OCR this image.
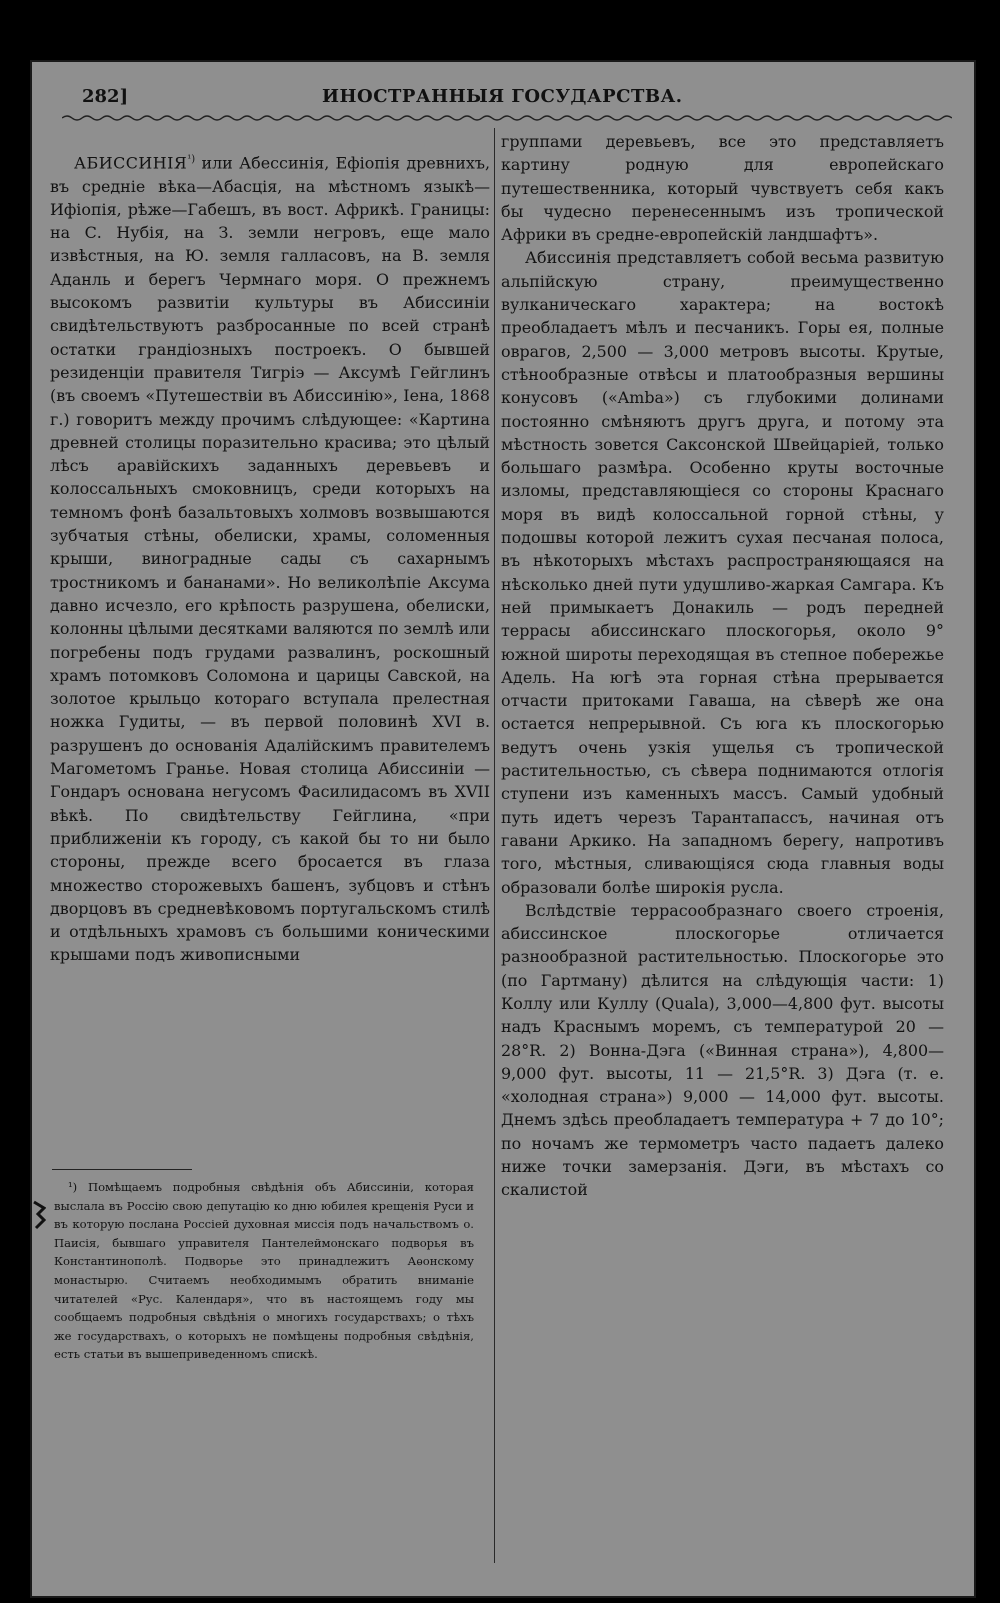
282]	ИНОСТРАННЫЯ ГОСУДАРСТВА.

$АБИССИНІЯ^{^1)}$ или Абессинія, Ефіопія древнихъ, въ средніе вѣка—Абасція, на мѣстномъ языкѣ—Ифіопія, рѣже—Габешъ, въ вост. Африкѣ. Границы: на С. Нубія, на З. земли негровъ, еще мало извѣстныя, на Ю. земля галласовъ, на В. земля Аданль и берегъ Чермнаго моря. О прежнемъ высокомъ развитіи культуры въ Абиссиніи свидѣтельствуютъ разбросанные по всей странѣ остатки грандіозныхъ построекъ. О бывшей резиденціи правителя Тигріэ — Аксумѣ Гейглинъ (въ своемъ «Путешествіи въ Абиссинію», Іена, 1868 г.) говоритъ между прочимъ слѣдующее: «Картина древней столицы поразительно красива; это цѣлый лѣсъ аравійскихъ заданныхъ деревьевъ и колоссальныхъ смоковницъ, среди которыхъ на темномъ фонѣ базальтовыхъ холмовъ возвышаются зубчатыя стѣны, обелиски, храмы, соломенныя крыши, виноградные сады съ сахарнымъ тростникомъ и бананами». Но великолѣпіе Аксума давно исчезло, его крѣпость разрушена, обелиски, колонны цѣлыми десятками валяются по землѣ или погребены подъ грудами развалинъ, роскошный храмъ потомковъ Соломона и царицы Савской, на золотое крыльцо котораго вступала прелестная ножка Гудиты, — въ первой половинѣ XVI в. разрушенъ до основанія Адалійскимъ правителемъ Магометомъ Гранье. Новая столица Абиссиніи — Гондаръ основана негусомъ Фасилидасомъ въ XVII вѣкѣ. По свидѣтельству Гейглина, «при приближеніи къ городу, съ какой бы то ни было стороны, прежде всего бросается въ глаза множество сторожевыхъ башенъ, зубцовъ и стѣнъ дворцовъ въ средневѣковомъ португальскомъ стилѣ и отдѣльныхъ храмовъ съ большими коническими крышами подъ живописными

¹) Помѣщаемъ подробныя свѣдѣнія объ Абиссиніи, которая выслала въ Россію свою депутацію ко дню юбилея крещенія Руси и въ которую послана Россіей духовная миссія подъ начальствомъ о. Паисія, бывшаго управителя Пантелеймонскаго подворья въ Константинополѣ. Подворье это принадлежитъ Аѳонскому монастырю. Считаемъ необходимымъ обратить вниманіе читателей «Рус. Календаря», что въ настоящемъ году мы сообщаемъ подробныя свѣдѣнія о многихъ государствахъ; о тѣхъ же государствахъ, о которыхъ не помѣщены подробныя свѣдѣнія, есть статьи въ вышеприведенномъ спискѣ.

группами деревьевъ, все это представляетъ картину родную для европейскаго путешественника, который чувствуетъ себя какъ бы чудесно перенесеннымъ изъ тропической Африки въ средне-европейскій ландшафтъ».

Абиссинія представляетъ собой весьма развитую альпійскую страну, преимущественно вулканическаго характера; на востокѣ преобладаетъ мѣлъ и песчаникъ. Горы ея, полные оврагов, 2,500 — 3,000 метровъ высоты. Крутые, стѣнообразные отвѣсы и платообразныя вершины конусовъ («Amba») съ глубокими долинами постоянно смѣняютъ другъ друга, и потому эта мѣстность зовется Саксонской Швейцаріей, только большаго размѣра. Особенно круты восточные изломы, представляющіеся со стороны Краснаго моря въ видѣ колоссальной горной стѣны, у подошвы которой лежитъ сухая песчаная полоса, въ нѣкоторыхъ мѣстахъ распространяющаяся на нѣсколько дней пути удушливо-жаркая Самгара. Къ ней примыкаетъ Донакиль — родъ передней террасы абиссинскаго плоскогорья, около 9° южной широты переходящая въ степное побережье Адель. На югѣ эта горная стѣна прерывается отчасти притоками Гаваша, на сѣверѣ же она остается непрерывной. Съ юга къ плоскогорью ведутъ очень узкія ущелья съ тропической растительностью, съ сѣвера поднимаются отлогія ступени изъ каменныхъ массъ. Самый удобный путь идетъ черезъ Тарантапассъ, начиная отъ гавани Аркико. На западномъ берегу, напротивъ того, мѣстныя, сливающіяся сюда главныя воды образовали болѣе широкія русла.

Вслѣдствіе террасообразнаго своего строенія, абиссинское плоскогорье отличается разнообразной растительностью. Плоскогорье это (по Гартману) дѣлится на слѣдующія части: 1) Коллу или Куллу (Quala), 3,000—4,800 фут. высоты надъ Краснымъ моремъ, съ температурой 20 — 28°R. 2) Вонна-Дэга («Винная страна»), 4,800—9,000 фут. высоты, 11 — 21,5°R. 3) Дэга (т. е. «холодная страна») 9,000 — 14,000 фут. высоты. Днемъ здѣсь преобладаетъ температура + 7 до 10°; по ночамъ же термометръ часто падаетъ далеко ниже точки замерзанія. Дэги, въ мѣстахъ со скалистой
